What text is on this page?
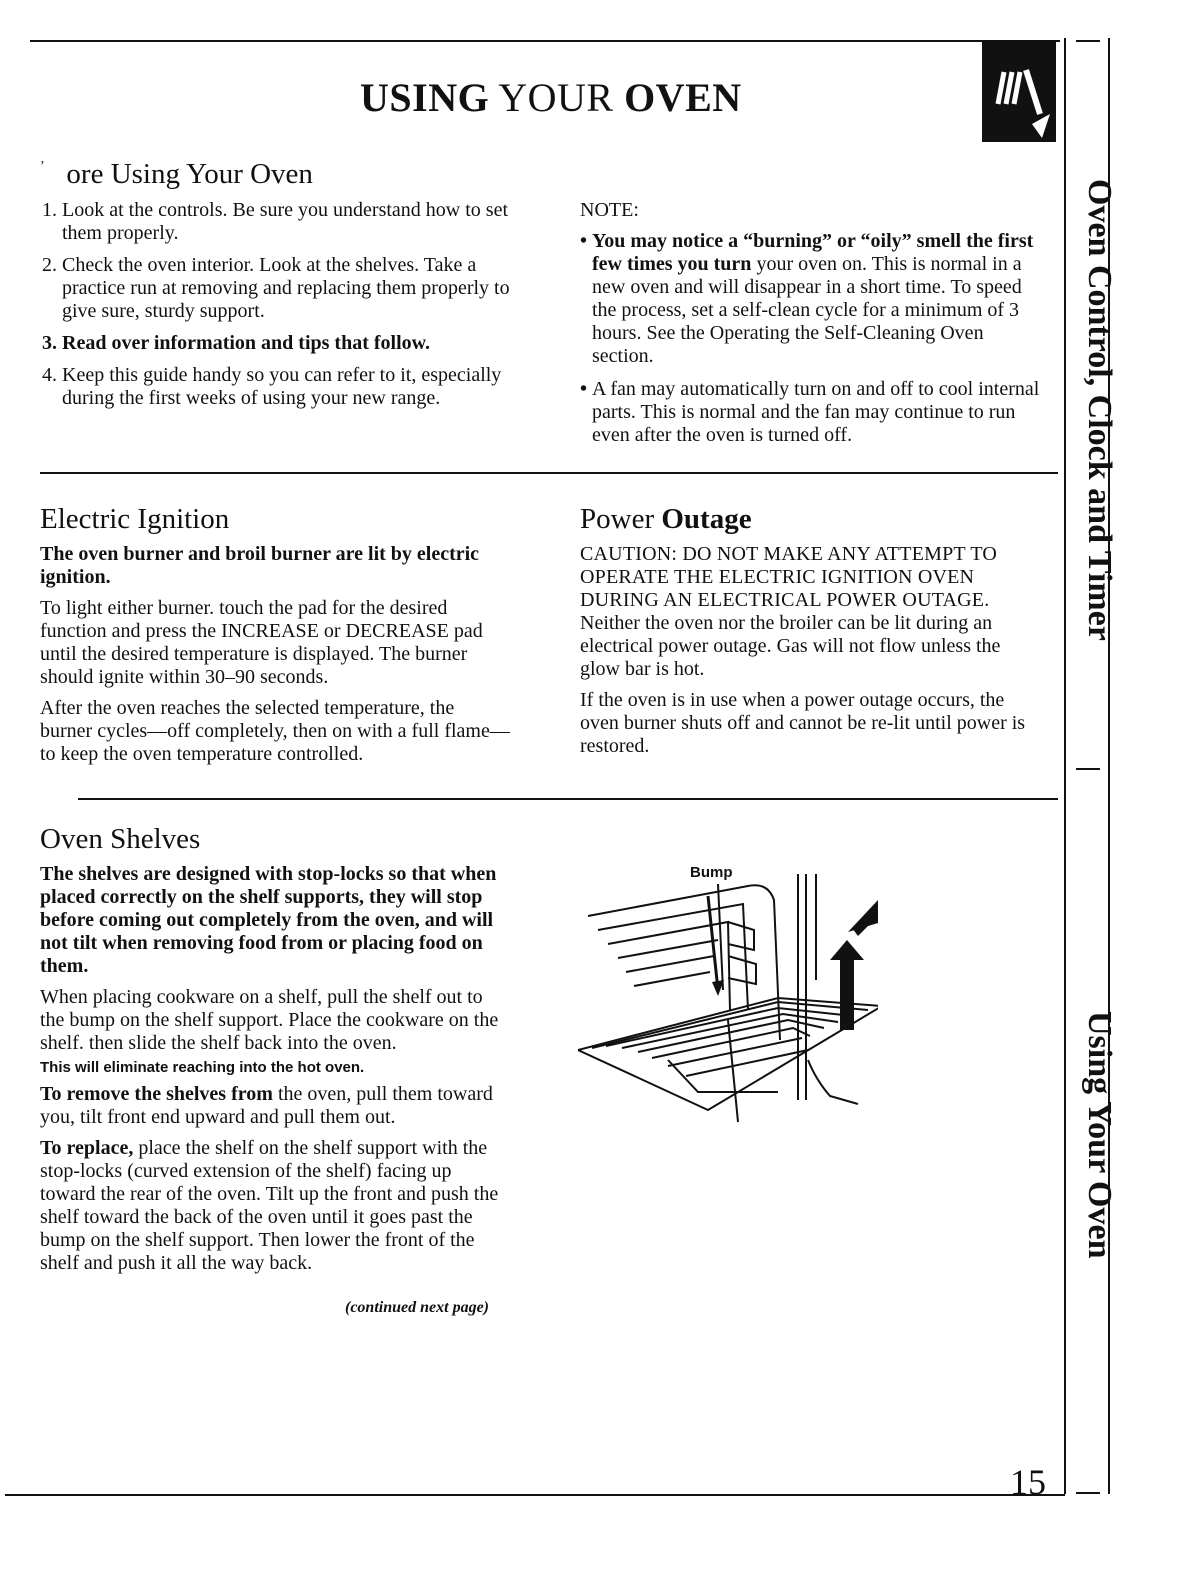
USING YOUR OVEN
’ ore Using Your Oven
1. Look at the controls. Be sure you understand how to set them properly.
2. Check the oven interior. Look at the shelves. Take a practice run at removing and replacing them properly to give sure, sturdy support.
3. Read over information and tips that follow.
4. Keep this guide handy so you can refer to it, especially during the first weeks of using your new range.
NOTE:
• You may notice a “burning” or “oily” smell the first few times you turn your oven on. This is normal in a new oven and will disappear in a short time. To speed the process, set a self-clean cycle for a minimum of 3 hours. See the Operating the Self-Cleaning Oven section.
• A fan may automatically turn on and off to cool internal parts. This is normal and the fan may continue to run even after the oven is turned off.
Electric Ignition

The oven burner and broil burner are lit by electric ignition.

To light either burner. touch the pad for the desired function and press the INCREASE or DECREASE pad until the desired temperature is displayed. The burner should ignite within 30–90 seconds.

After the oven reaches the selected temperature, the burner cycles—off completely, then on with a full flame—to keep the oven temperature controlled.

Power Outage

CAUTION: DO NOT MAKE ANY ATTEMPT TO OPERATE THE ELECTRIC IGNITION OVEN DURING AN ELECTRICAL POWER OUTAGE.

Neither the oven nor the broiler can be lit during an electrical power outage. Gas will not flow unless the glow bar is hot.

If the oven is in use when a power outage occurs, the oven burner shuts off and cannot be re-lit until power is restored.

Oven Shelves

The shelves are designed with stop-locks so that when placed correctly on the shelf supports, they will stop before coming out completely from the oven, and will not tilt when removing food from or placing food on them.

When placing cookware on a shelf, pull the shelf out to the bump on the shelf support. Place the cookware on the shelf. then slide the shelf back into the oven.
This will eliminate reaching into the hot oven.

To remove the shelves from the oven, pull them toward you, tilt front end upward and pull them out.

To replace, place the shelf on the shelf support with the stop-locks (curved extension of the shelf) facing up toward the rear of the oven. Tilt up the front and push the shelf toward the back of the oven until it goes past the bump on the shelf support. Then lower the front of the shelf and push it all the way back.

(continued next page)
Bump
Oven Control, Clock and Timer
Using Your Oven
15
